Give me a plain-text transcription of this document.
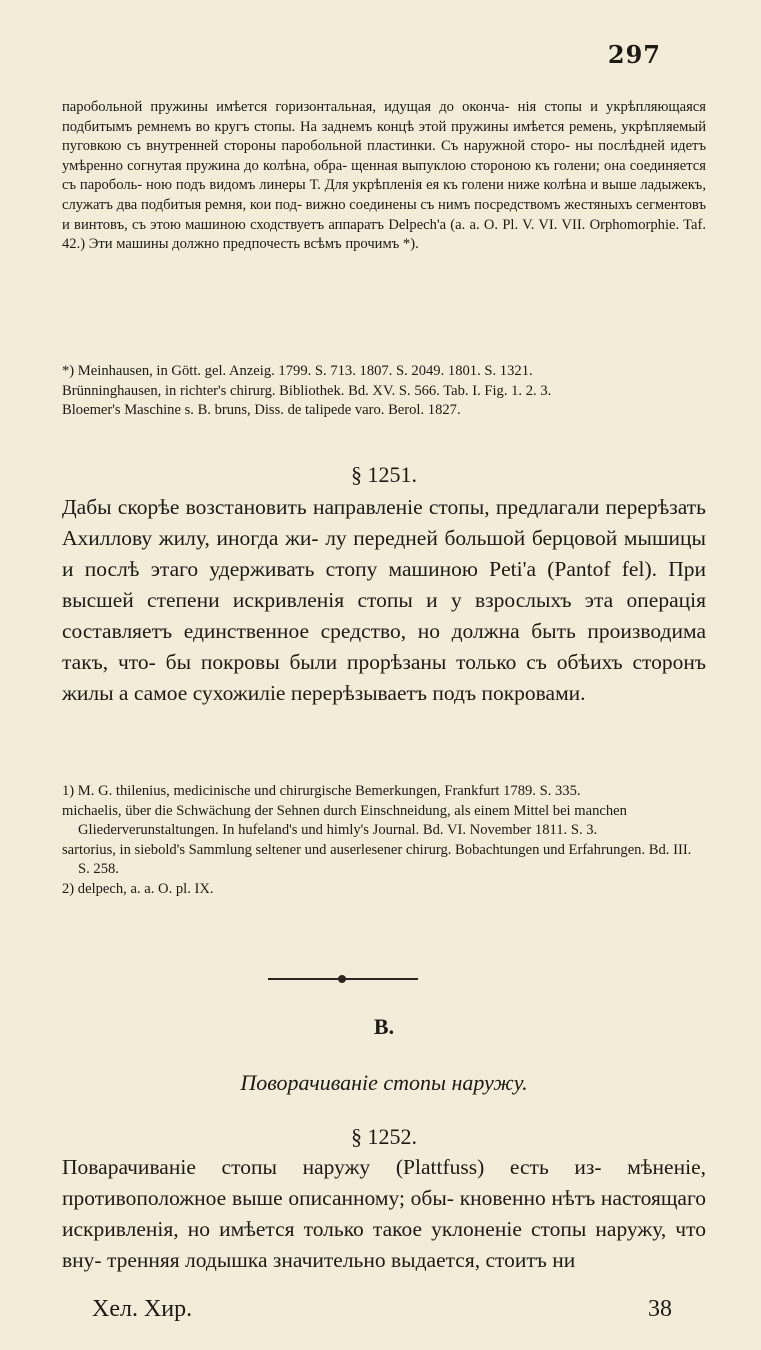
297

паробольной пружины имѣется горизонтальная, идущая до оконча- нія стопы и укрѣпляющаяся подбитымъ ремнемъ во кругъ стопы. На заднемъ концѣ этой пружины имѣется ремень, укрѣпляемый пуговкою съ внутренней стороны паробольной пластинки. Съ наружной сторо- ны послѣдней идетъ умѣренно согнутая пружина до колѣна, обра- щенная выпуклою стороною къ голени; она соединяется съ пароболь- ною подъ видомъ линеры Т. Для укрѣпленія ея къ голени ниже колѣна и выше ладыжекъ, служатъ два подбитыя ремня, кои под- вижно соединены съ нимъ посредствомъ жестяныхъ сегментовъ и винтовъ, съ этою машиною сходствуетъ аппаратъ Delpech'a (a. a. O. Pl. V. VI. VII. Orphomorphie. Taf. 42.) Эти машины должно предпочесть всѣмъ прочимъ *).

*) Meinhausen, in Gött. gel. Anzeig. 1799. S. 713. 1807. S. 2049. 1801. S. 1321.

Brünninghausen, in richter's chirurg. Bibliothek. Bd. XV. S. 566. Tab. I. Fig. 1. 2. 3.

Bloemer's Maschine s. B. bruns, Diss. de talipede varo. Berol. 1827.

§ 1251.

Дабы скорѣе возстановить направленіе стопы, предлагали перерѣзать Ахиллову жилу, иногда жи- лу передней большой берцовой мышицы и послѣ этаго удерживать стопу машиною Peti'a (Pantof fel). При высшей степени искривленія стопы и у взрослыхъ эта операція составляетъ единственное средство, но должна быть производима такъ, что- бы покровы были прорѣзаны только съ обѣихъ сторонъ жилы а самое сухожиліе перерѣзываетъ подъ покровами.

1) M. G. thilenius, medicinische und chirurgische Bemerkungen, Frankfurt 1789. S. 335.

michaelis, über die Schwächung der Sehnen durch Einschneidung, als einem Mittel bei manchen Gliederverunstaltungen. In hufeland's und himly's Journal. Bd. VI. November 1811. S. 3.

sartorius, in siebold's Sammlung seltener und auserlesener chirurg. Bobachtungen und Erfahrungen. Bd. III. S. 258.

2) delpech, a. a. O. pl. IX.

B.

Поворачиваніе стопы наружу.

§ 1252.

Поварачиваніе стопы наружу (Plattfuss) есть из- мѣненіе, противоположное выше описанному; обы- кновенно нѣтъ настоящаго искривленія, но имѣется только такое уклоненіе стопы наружу, что вну- тренняя лодышка значительно выдается, стоитъ ни

Хел. Хир.	38
